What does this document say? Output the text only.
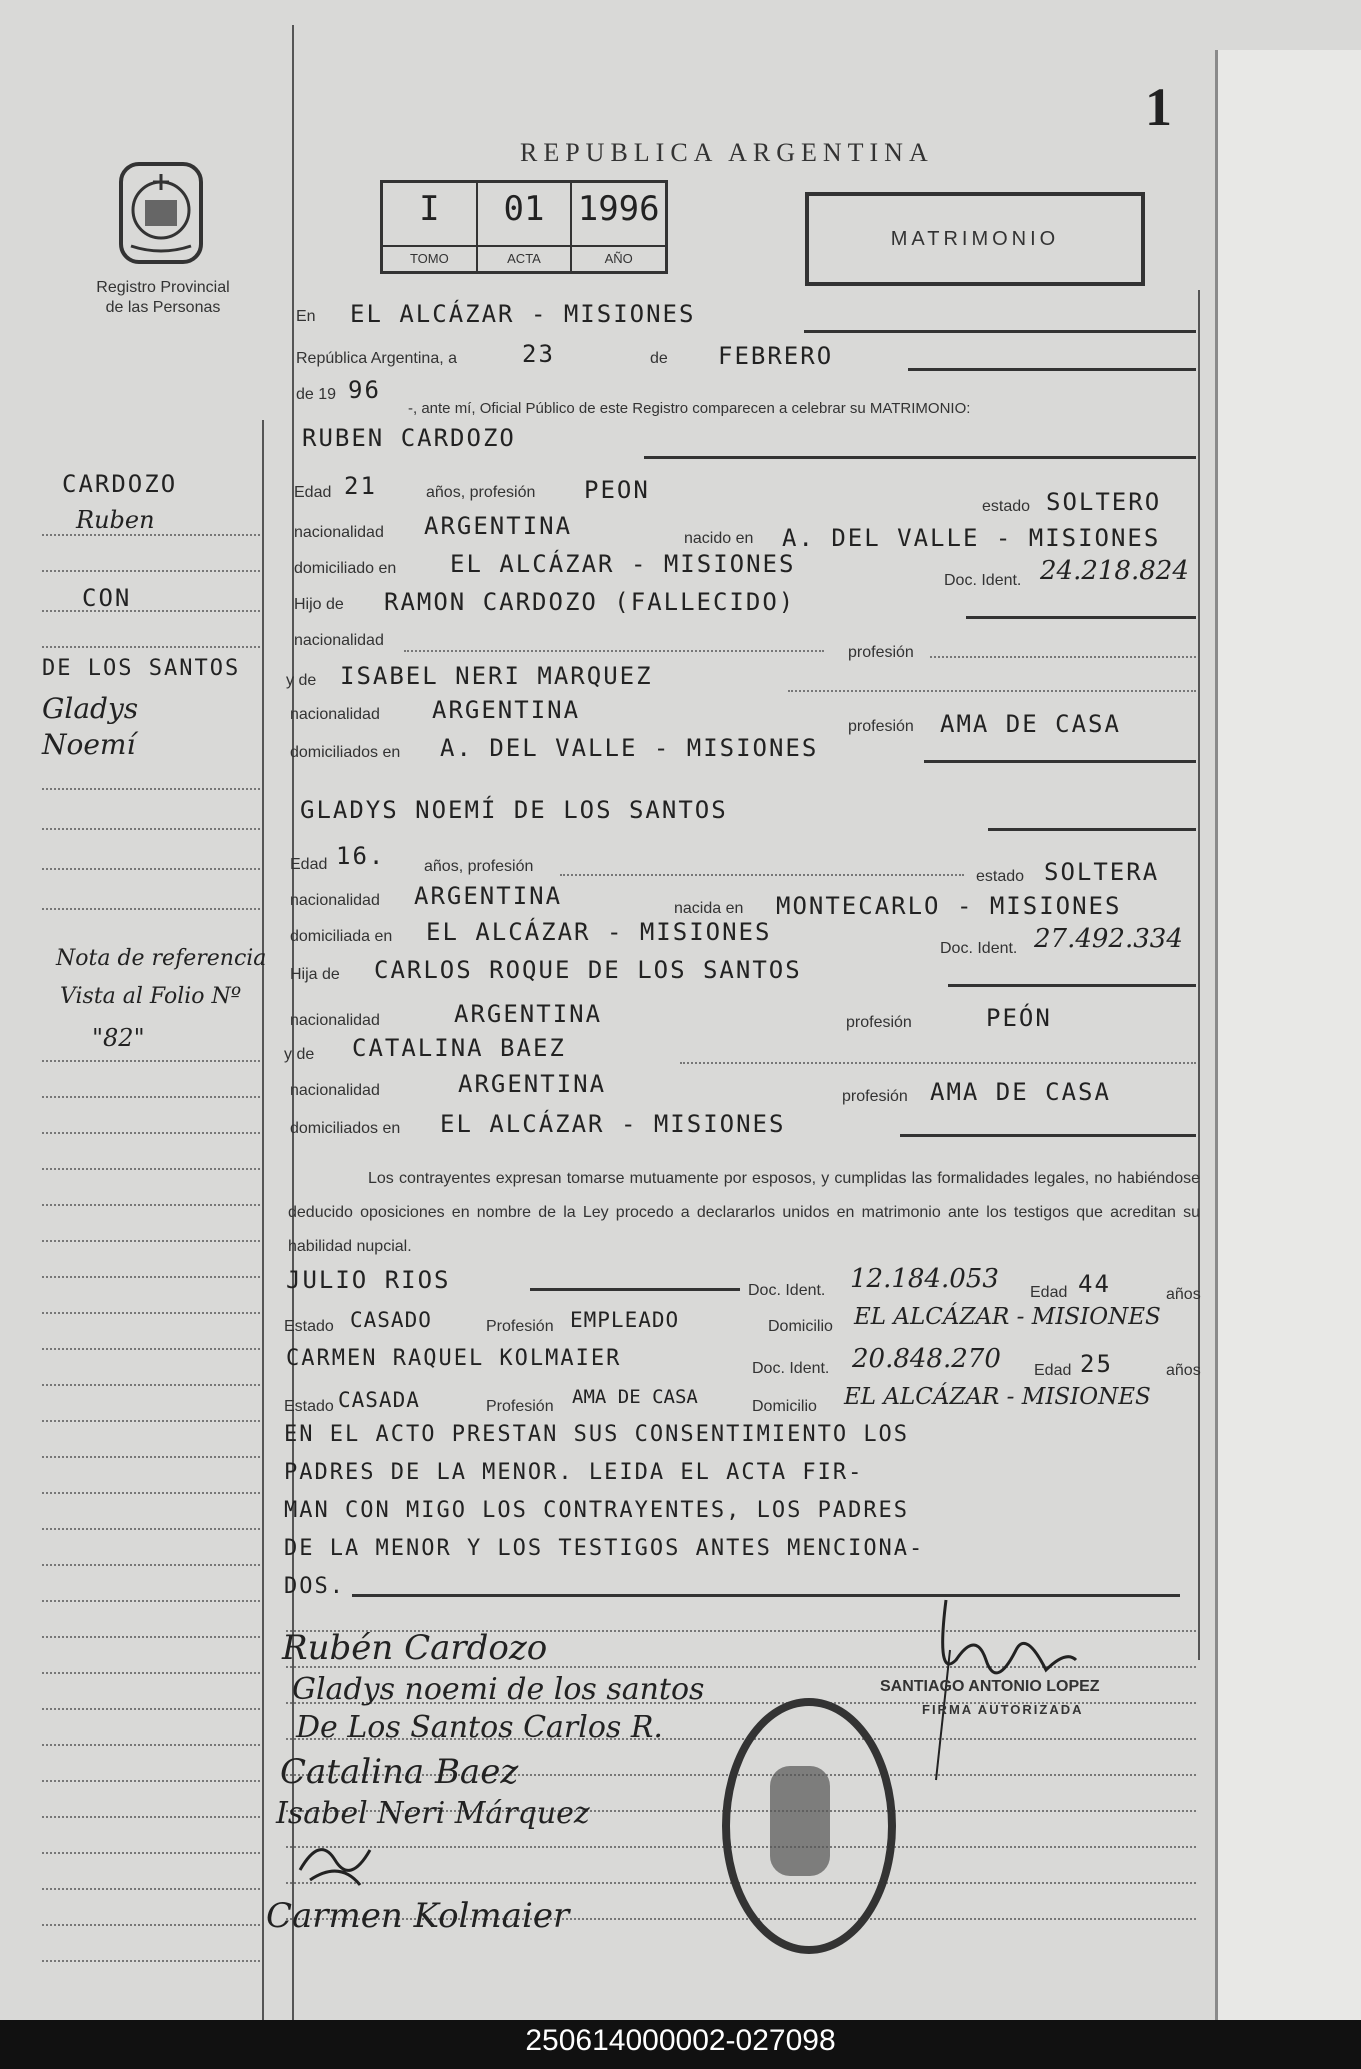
1
REPUBLICA ARGENTINA
Registro Provincial
de las Personas
I
TOMO
01
ACTA
1996
AÑO
MATRIMONIO
CARDOZO
Ruben
CON
DE LOS SANTOS
Gladys
Noemí
Nota de referencia
Vista al Folio Nº
"82"
En EL ALCÁZAR - MISIONES
República Argentina, a	23	de FEBRERO
de 19 96
-, ante mí, Oficial Público de este Registro comparecen a celebrar su MATRIMONIO:
RUBEN CARDOZO
Edad 21	años, profesión PEON
estado SOLTERO
nacionalidad ARGENTINA	nacido en A. DEL VALLE - MISIONES
domiciliado en EL ALCÁZAR - MISIONES
Doc. Ident. 24.218.824
Hijo de RAMON CARDOZO (FALLECIDO)
nacionalidad
profesión
y de ISABEL NERI MARQUEZ
nacionalidad ARGENTINA
profesión AMA DE CASA
domiciliados en A. DEL VALLE - MISIONES
GLADYS NOEMÍ DE LOS SANTOS
Edad 16. años, profesión
estado SOLTERA
nacionalidad ARGENTINA	nacida en MONTECARLO - MISIONES
domiciliada en EL ALCÁZAR - MISIONES
Doc. Ident. 27.492.334
Hija de CARLOS ROQUE DE LOS SANTOS
nacionalidad	ARGENTINA	profesión	PEÓN
y de CATALINA BAEZ
nacionalidad	ARGENTINA	profesión AMA DE CASA
domiciliados en EL ALCÁZAR - MISIONES
Los contrayentes expresan tomarse mutuamente por esposos, y cumplidas las formalidades legales, no habiéndose deducido oposiciones en nombre de la Ley procedo a declararlos unidos en matrimonio ante los testigos que acreditan su habilidad nupcial.
JULIO RIOS	Doc. Ident. 12.184.053 Edad 44	años
Estado CASADO	Profesión EMPLEADO	Domicilio EL ALCÁZAR - MISIONES
CARMEN RAQUEL KOLMAIER	Doc. Ident. 20.848.270 Edad 25	años
Estado CASADA	Profesión AMA DE CASA	Domicilio EL ALCÁZAR - MISIONES
EN EL ACTO PRESTAN SUS CONSENTIMIENTO LOS
PADRES DE LA MENOR. LEIDA EL ACTA FIR-
MAN CON MIGO LOS CONTRAYENTES, LOS PADRES
DE LA MENOR Y LOS TESTIGOS ANTES MENCIONA-
DOS.
Rubén Cardozo
Gladys noemi de los santos
De Los Santos Carlos R.
Catalina Baez
Isabel Neri Márquez
Carmen Kolmaier
SANTIAGO ANTONIO LOPEZ
FIRMA AUTORIZADA
250614000002-027098
